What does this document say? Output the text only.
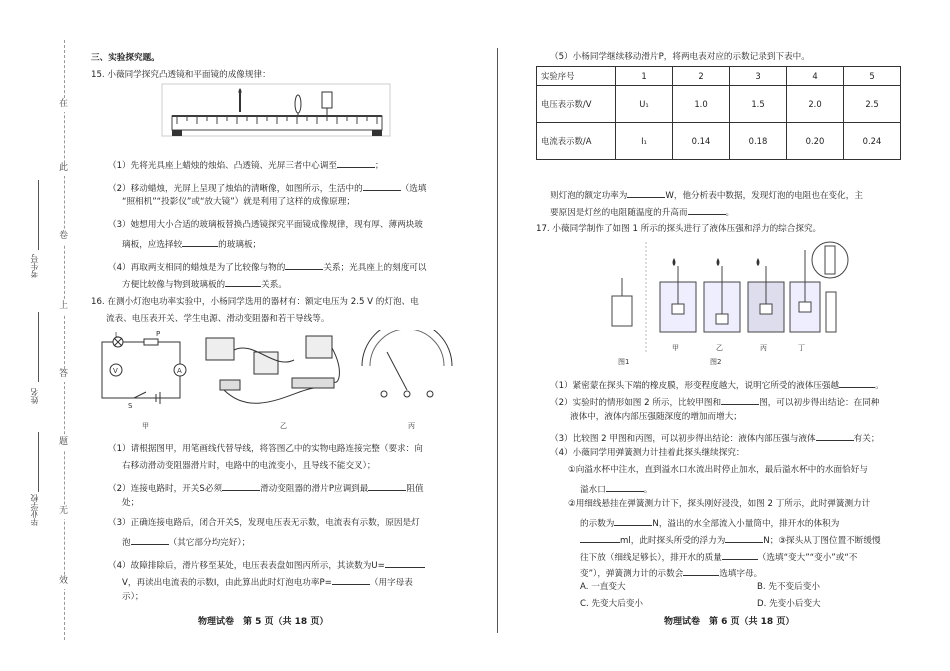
在
此
卷
上
答
题
无
效
考生号
姓名
毕业学校
三、实验探究题。
15. 小薇同学探究凸透镜和平面镜的成像规律：
（1）先将光具座上蜡烛的烛焰、凸透镜、光屏三者中心调至	；
（2）移动蜡烛，光屏上呈现了烛焰的清晰像，如图所示，生活中的	（选填
“照相机”“投影仪”或“放大镜”）就是利用了这样的成像原理；
（3）她想用大小合适的玻璃板替换凸透镜探究平面镜成像规律，现有厚、薄两块玻
璃板，应选择较	的玻璃板；
（4）再取两支相同的蜡烛是为了比较像与物的	关系；光具座上的刻度可以
方便比较像与物到玻璃板的	关系。
16. 在测小灯泡电功率实验中，小杨同学选用的器材有：额定电压为 2.5 V 的灯泡、电
流表、电压表开关、学生电源、滑动变阻器和若干导线等。
L	P
V	A
S
甲	乙	丙
（1）请根据图甲，用笔画线代替导线，将答图乙中的实物电路连接完整（要求：向
右移动滑动变阻器滑片时，电路中的电流变小，且导线不能交叉）；
（2）连接电路时，开关S必须	滑动变阻器的滑片P应调到最	阻值
处；
（3）正确连接电路后，闭合开关S，发现电压表无示数，电流表有示数，原因是灯
泡	（其它部分均完好）；
（4）故障排除后，滑片移至某处，电压表表盘如图丙所示，其读数为U=
V，再读出电流表的示数I，由此算出此时灯泡电功率P=	（用字母表
示）；
物理试卷　第 5 页（共 18 页）
（5）小杨同学继续移动滑片P，将两电表对应的示数记录到下表中。
实验序号	1	2	3	4	5
电压表示数/V	U₁	1.0	1.5	2.0	2.5
电流表示数/A	I₁	0.14	0.18	0.20	0.24
则灯泡的额定功率为	W，他分析表中数据，发现灯泡的电阻也在变化，主
要原因是灯丝的电阻随温度的升高而	。
17. 小薇同学制作了如图 1 所示的探头进行了液体压强和浮力的综合探究。
图1
甲	乙	丙	丁
图2
（1）紧密蒙在探头下端的橡皮膜，形变程度越大，说明它所受的液体压强越	。
（2）实验时的情形如图 2 所示，比较甲图和	图，可以初步得出结论：在同种
液体中，液体内部压强随深度的增加而增大；
（3）比较图 2 甲图和丙图，可以初步得出结论：液体内部压强与液体	有关；
（4）小薇同学用弹簧测力计挂着此探头继续探究：
①向溢水杯中注水，直到溢水口水流出时停止加水，最后溢水杯中的水面恰好与
溢水口	。
②用细线悬挂在弹簧测力计下，探头刚好浸没，如图 2 丁所示，此时弹簧测力计
的示数为	N，溢出的水全部流入小量筒中，排开水的体积为
ml，此时探头所受的浮力为	N；③探头从丁图位置不断缓慢
往下放（细线足够长），排开水的质量	（选填“变大”“变小”或“不
变”），弹簧测力计的示数会	选填字母。
A. 一直变大	B. 先不变后变小
C. 先变大后变小	D. 先变小后变大
物理试卷　第 6 页（共 18 页）
